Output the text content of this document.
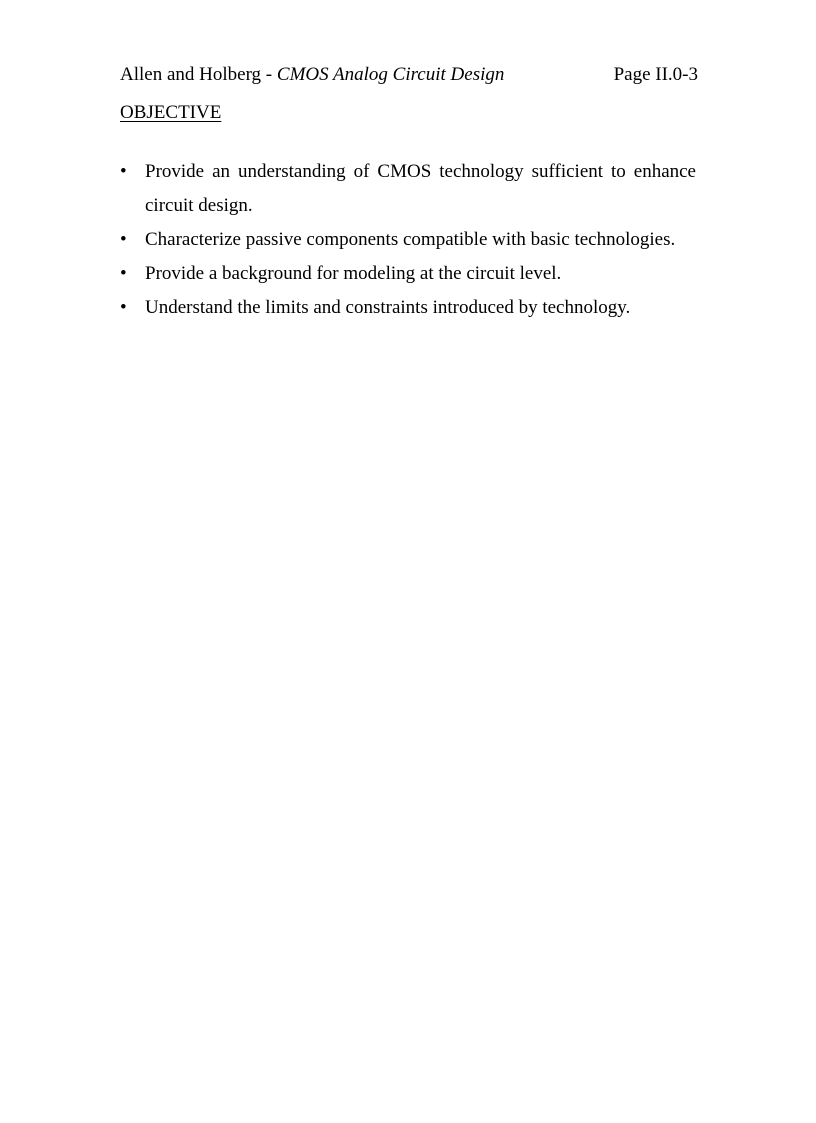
Allen and Holberg - CMOS Analog Circuit Design	Page II.0-3
OBJECTIVE
• Provide an understanding of CMOS technology sufficient to enhance circuit design.
• Characterize passive components compatible with basic technologies.
• Provide a background for modeling at the circuit level.
• Understand the limits and constraints introduced by technology.
